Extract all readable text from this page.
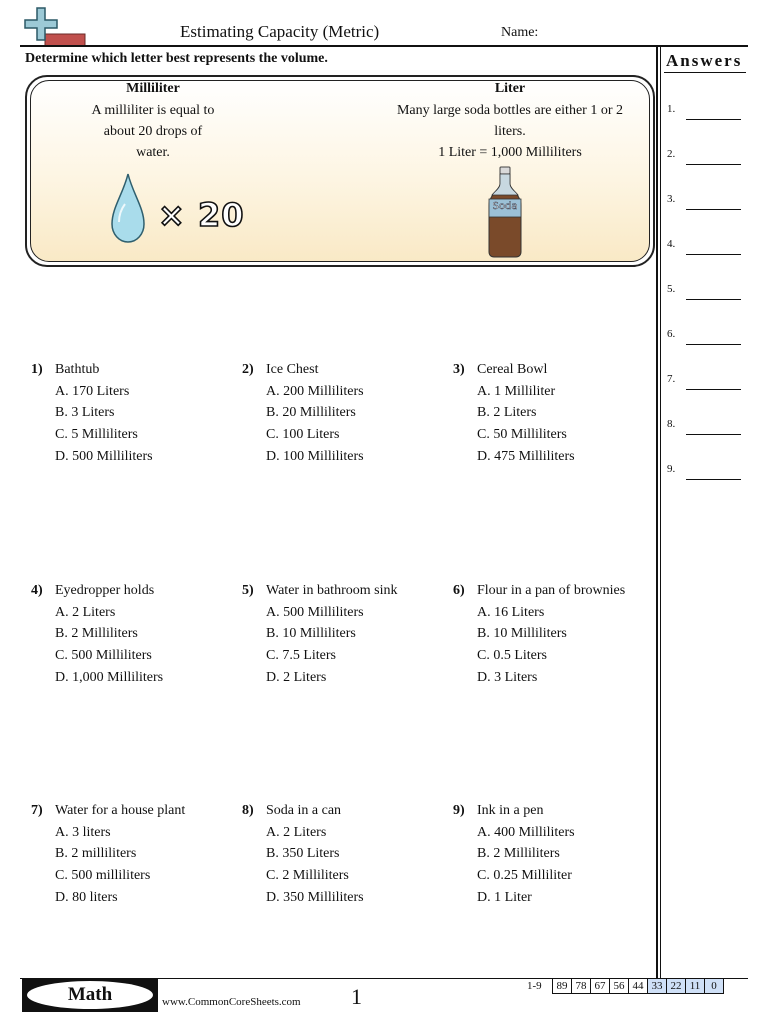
Estimating Capacity (Metric)	Name:
Determine which letter best represents the volume.	Answers
1.
2.
3.
4.
5.
6.
7.
8.
9.
Milliliter
A milliliter is equal to
about 20 drops of
water.
Liter
Many large soda bottles are either 1 or 2
liters.
1 Liter = 1,000 Milliliters
× 20	Soda
1) Bathtub
A. 170 Liters
B. 3 Liters
C. 5 Milliliters
D. 500 Milliliters
2) Ice Chest
A. 200 Milliliters
B. 20 Milliliters
C. 100 Liters
D. 100 Milliliters
3) Cereal Bowl
A. 1 Milliliter
B. 2 Liters
C. 50 Milliliters
D. 475 Milliliters
4) Eyedropper holds
A. 2 Liters
B. 2 Milliliters
C. 500 Milliliters
D. 1,000 Milliliters
5) Water in bathroom sink
A. 500 Milliliters
B. 10 Milliliters
C. 7.5 Liters
D. 2 Liters
6) Flour in a pan of brownies
A. 16 Liters
B. 10 Milliliters
C. 0.5 Liters
D. 3 Liters
7) Water for a house plant
A. 3 liters
B. 2 milliliters
C. 500 milliliters
D. 80 liters
8) Soda in a can
A. 2 Liters
B. 350 Liters
C. 2 Milliliters
D. 350 Milliliters
9) Ink in a pen
A. 400 Milliliters
B. 2 Milliliters
C. 0.25 Milliliter
D. 1 Liter
Math	www.CommonCoreSheets.com 1	1-9 89	78	67	56	44	33	22	11	0
